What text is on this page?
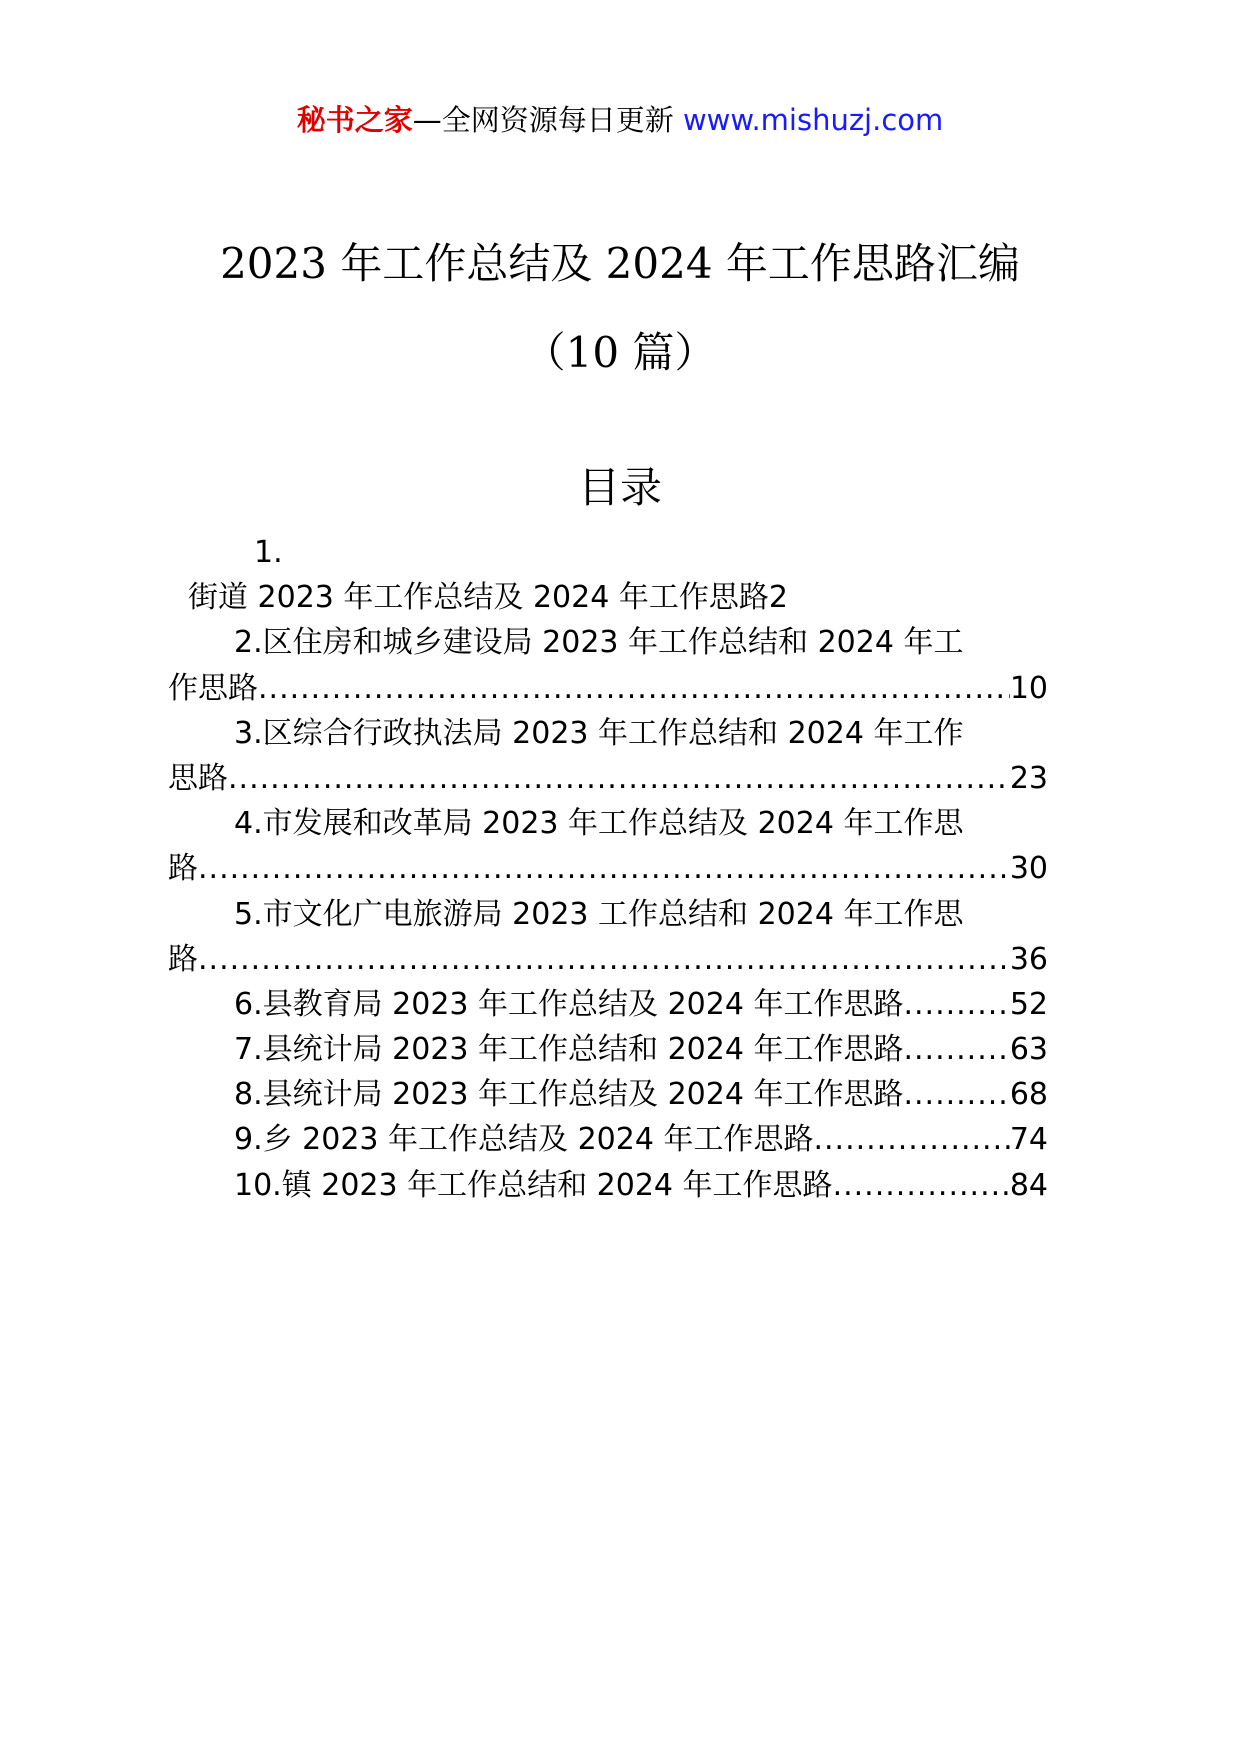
秘书之家—全网资源每日更新 www.mishuzj.com
2023 年工作总结及 2024 年工作思路汇编
（10 篇）
目录
1.
街道 2023 年工作总结及 2024 年工作思路 2
2.区住房和城乡建设局 2023 年工作总结和 2024 年工
作思路 .....	10
3.区综合行政执法局 2023 年工作总结和 2024 年工作
思路 .....	23
4.市发展和改革局 2023 年工作总结及 2024 年工作思
路 .....	30
5.市文化广电旅游局 2023 工作总结和 2024 年工作思
路 .....	36
6.县教育局 2023 年工作总结及 2024 年工作思路 .....	52
7.县统计局 2023 年工作总结和 2024 年工作思路 .....	63
8.县统计局 2023 年工作总结及 2024 年工作思路 .....	68
9.乡 2023 年工作总结及 2024 年工作思路 .....	74
10.镇 2023 年工作总结和 2024 年工作思路 .....	84
